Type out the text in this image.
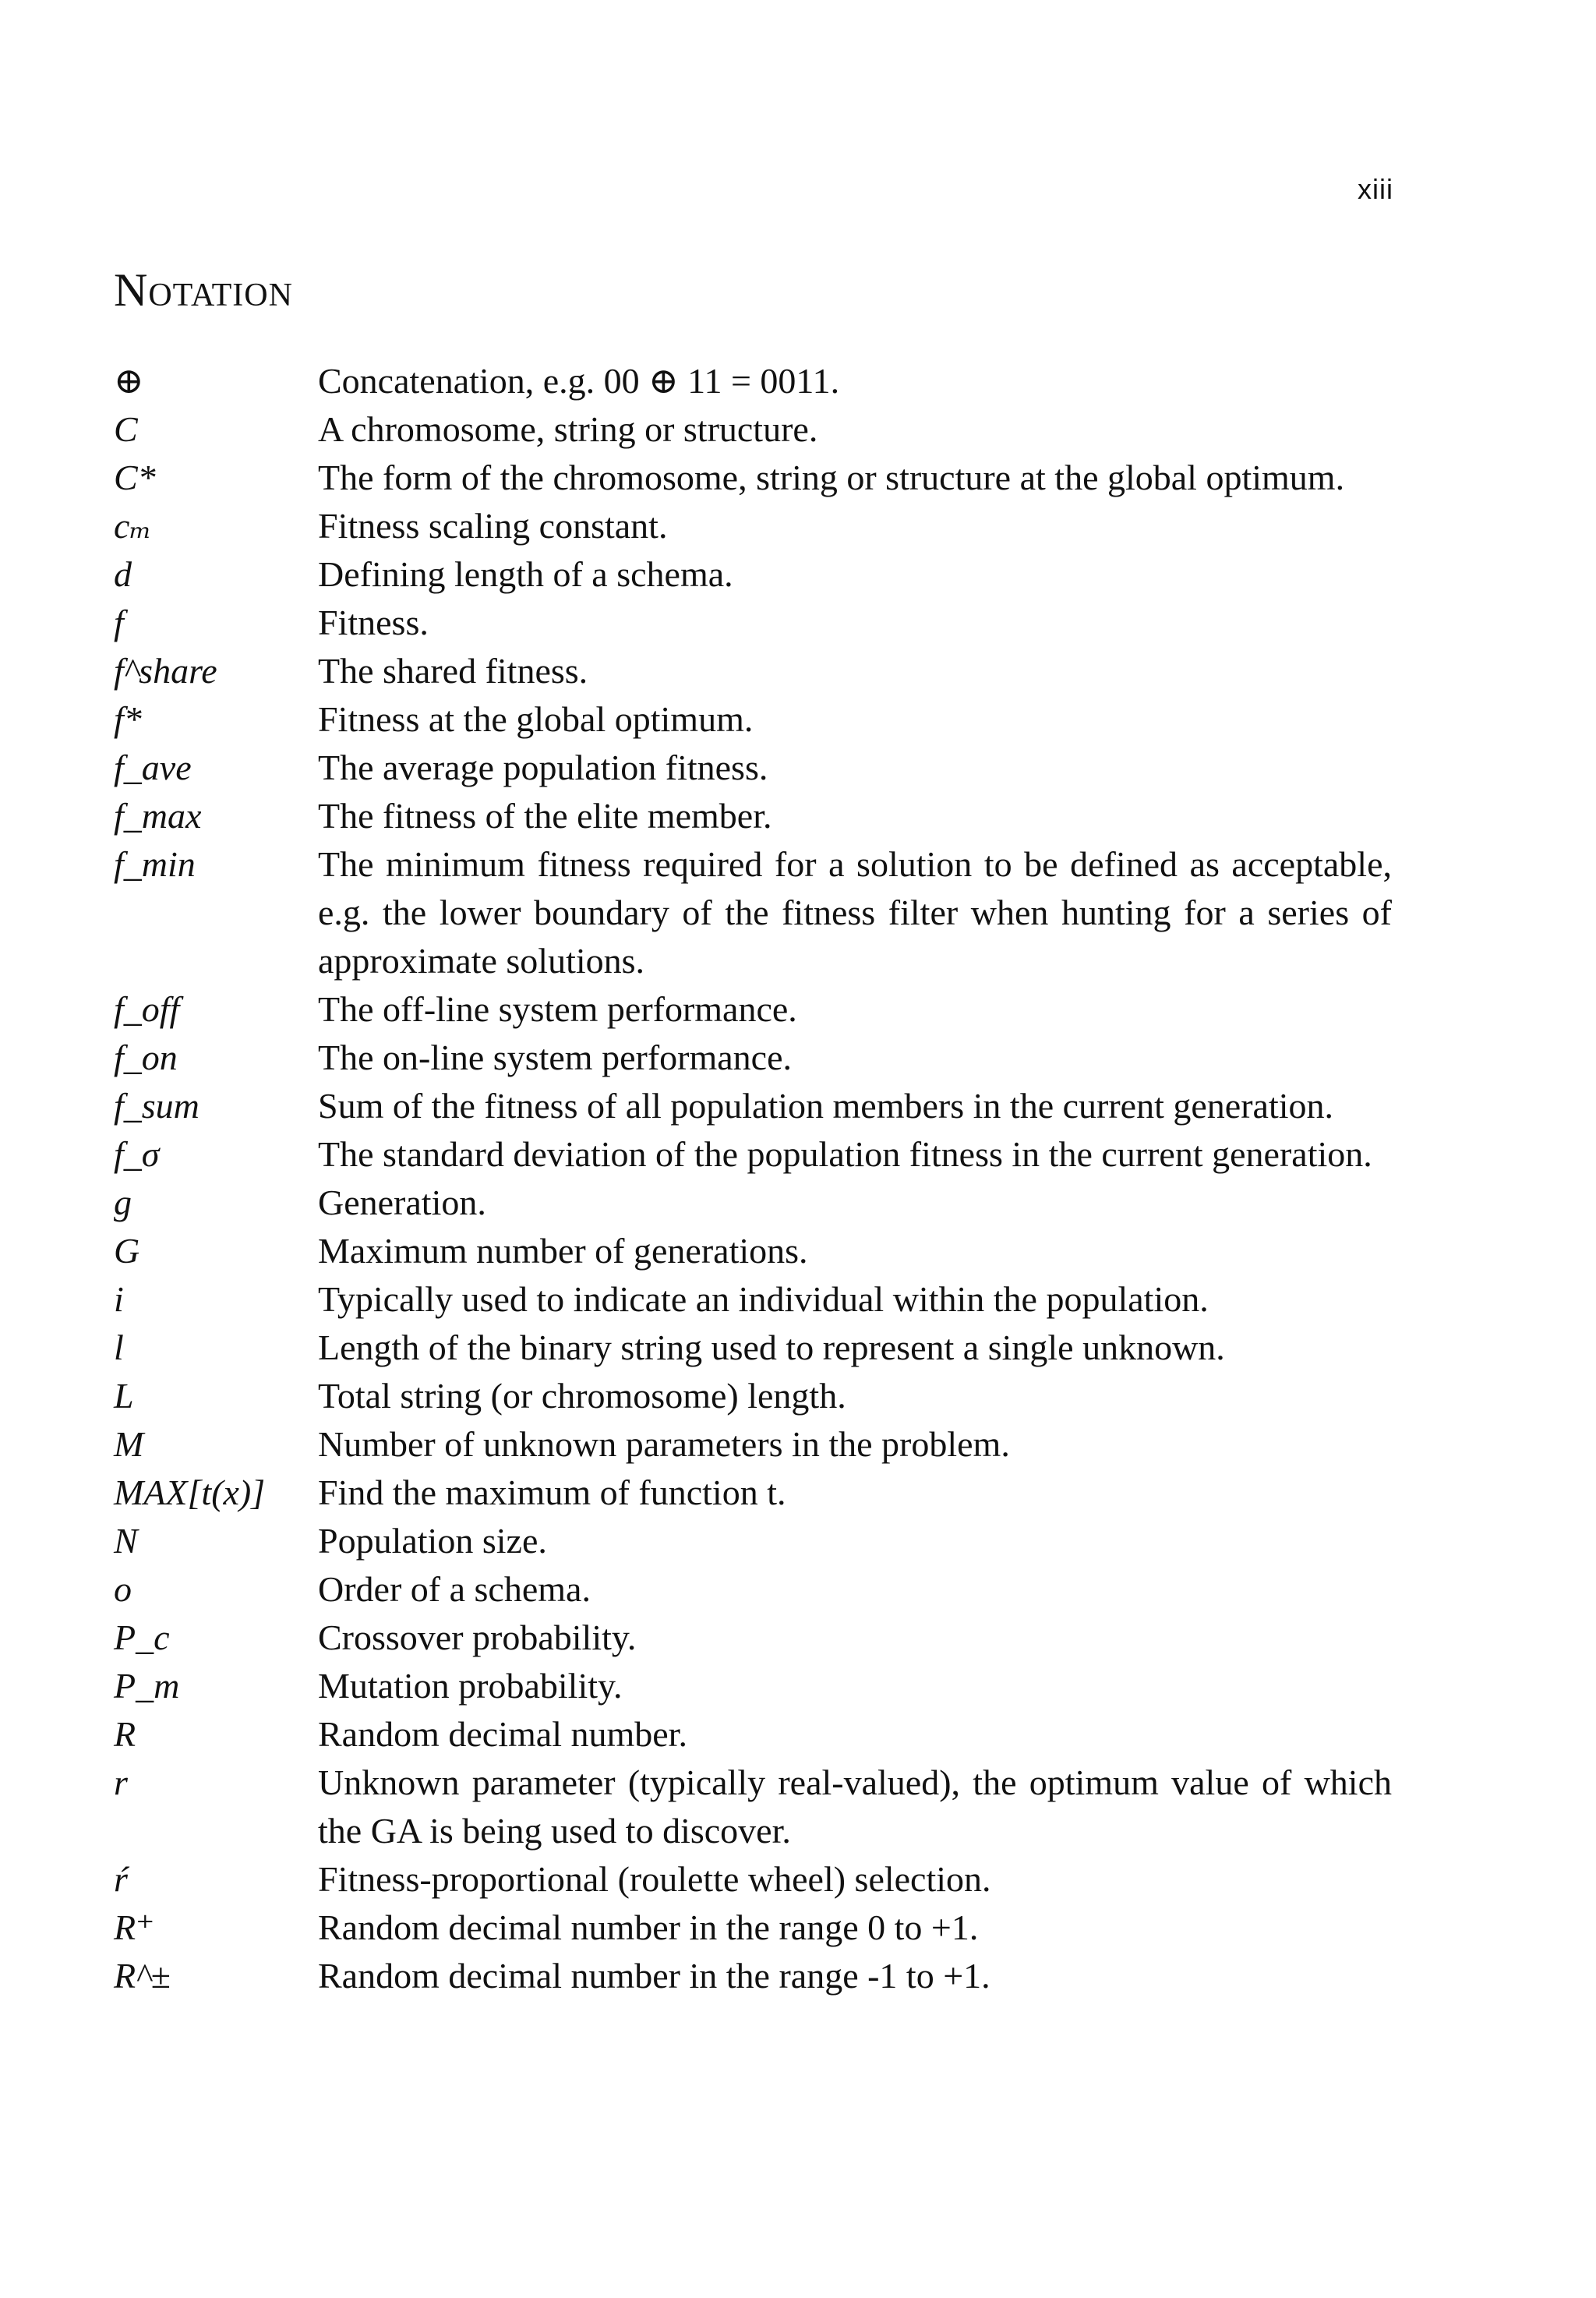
xiii
Notation
⊕	Concatenation, e.g. 00 ⊕ 11 = 0011.
C	A chromosome, string or structure.
C*	The form of the chromosome, string or structure at the global optimum.
cₘ	Fitness scaling constant.
d	Defining length of a schema.
f	Fitness.
f^share	The shared fitness.
f*	Fitness at the global optimum.
f_ave	The average population fitness.
f_max	The fitness of the elite member.
f_min	The minimum fitness required for a solution to be defined as acceptable, e.g. the lower boundary of the fitness filter when hunting for a series of approximate solutions.
f_off	The off-line system performance.
f_on	The on-line system performance.
f_sum	Sum of the fitness of all population members in the current generation.
f_σ	The standard deviation of the population fitness in the current generation.
g	Generation.
G	Maximum number of generations.
i	Typically used to indicate an individual within the population.
l	Length of the binary string used to represent a single unknown.
L	Total string (or chromosome) length.
M	Number of unknown parameters in the problem.
MAX[t(x)]	Find the maximum of function t.
N	Population size.
o	Order of a schema.
P_c	Crossover probability.
P_m	Mutation probability.
R	Random decimal number.
r	Unknown parameter (typically real-valued), the optimum value of which the GA is being used to discover.
ŕ	Fitness-proportional (roulette wheel) selection.
R⁺	Random decimal number in the range 0 to +1.
R^±	Random decimal number in the range -1 to +1.
